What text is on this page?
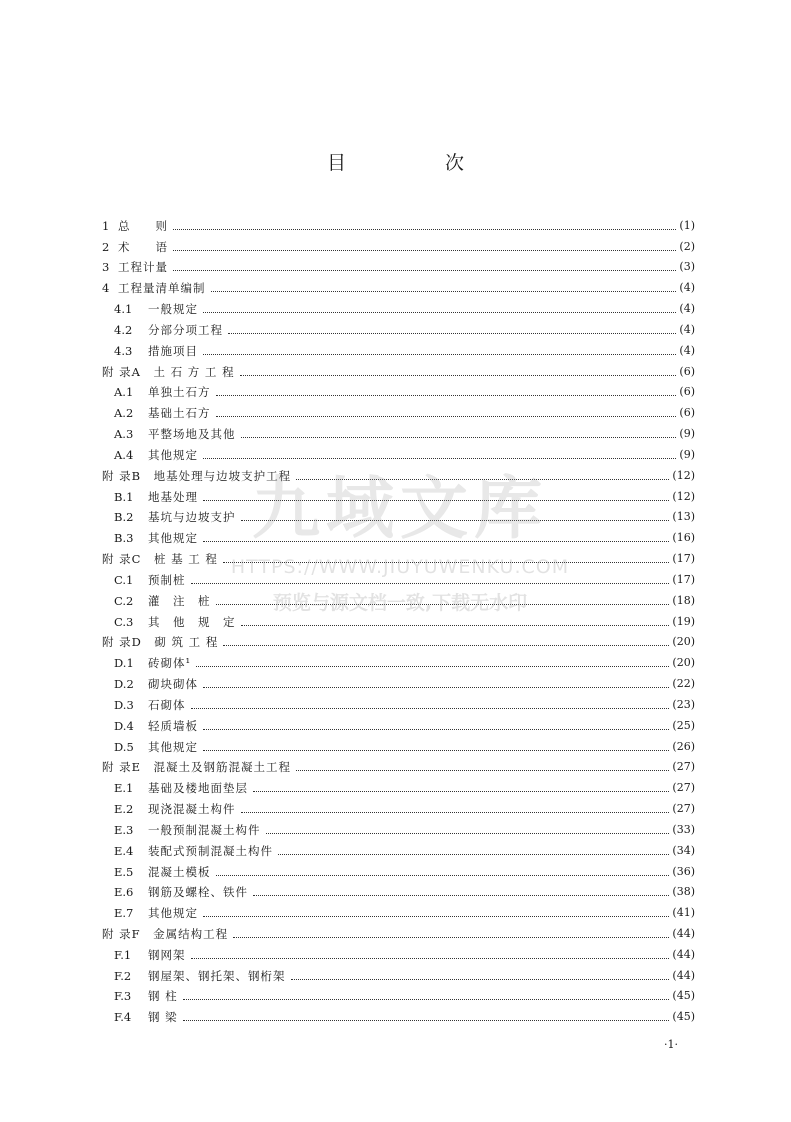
目　次
1 总　　则	(1)
2 术　　语	(2)
3 工程计量	(3)
4 工程量清单编制	(4)
4.1	一般规定	(4)
4.2	分部分项工程	(4)
4.3	措施项目	(4)
附 录A　土 石 方 工 程	(6)
A.1	单独土石方	(6)
A.2	基础土石方	(6)
A.3	平整场地及其他	(9)
A.4	其他规定	(9)
附 录B　地基处理与边坡支护工程	(12)
B.1	地基处理	(12)
B.2	基坑与边坡支护	(13)
B.3	其他规定	(16)
附 录C　桩 基 工 程	(17)
C.1	预制桩	(17)
C.2	灌　注　桩	(18)
C.3	其　他　规　定	(19)
附 录D　砌 筑 工 程	(20)
D.1	砖砌体¹	(20)
D.2	砌块砌体	(22)
D.3	石砌体	(23)
D.4	轻质墙板	(25)
D.5	其他规定	(26)
附 录E　混凝土及钢筋混凝土工程	(27)
E.1	基础及楼地面垫层	(27)
E.2	现浇混凝土构件	(27)
E.3	一般预制混凝土构件	(33)
E.4	装配式预制混凝土构件	(34)
E.5	混凝土模板	(36)
E.6	钢筋及螺栓、铁件	(38)
E.7	其他规定	(41)
附 录F　金属结构工程	(44)
F.1	钢网架	(44)
F.2	钢屋架、钢托架、钢桁架	(44)
F.3	钢 柱	(45)
F.4	钢 梁	(45)
九域文库
HTTPS://WWW.JIUYUWENKU.COM
预览与源文档一致,下载无水印
·1·
